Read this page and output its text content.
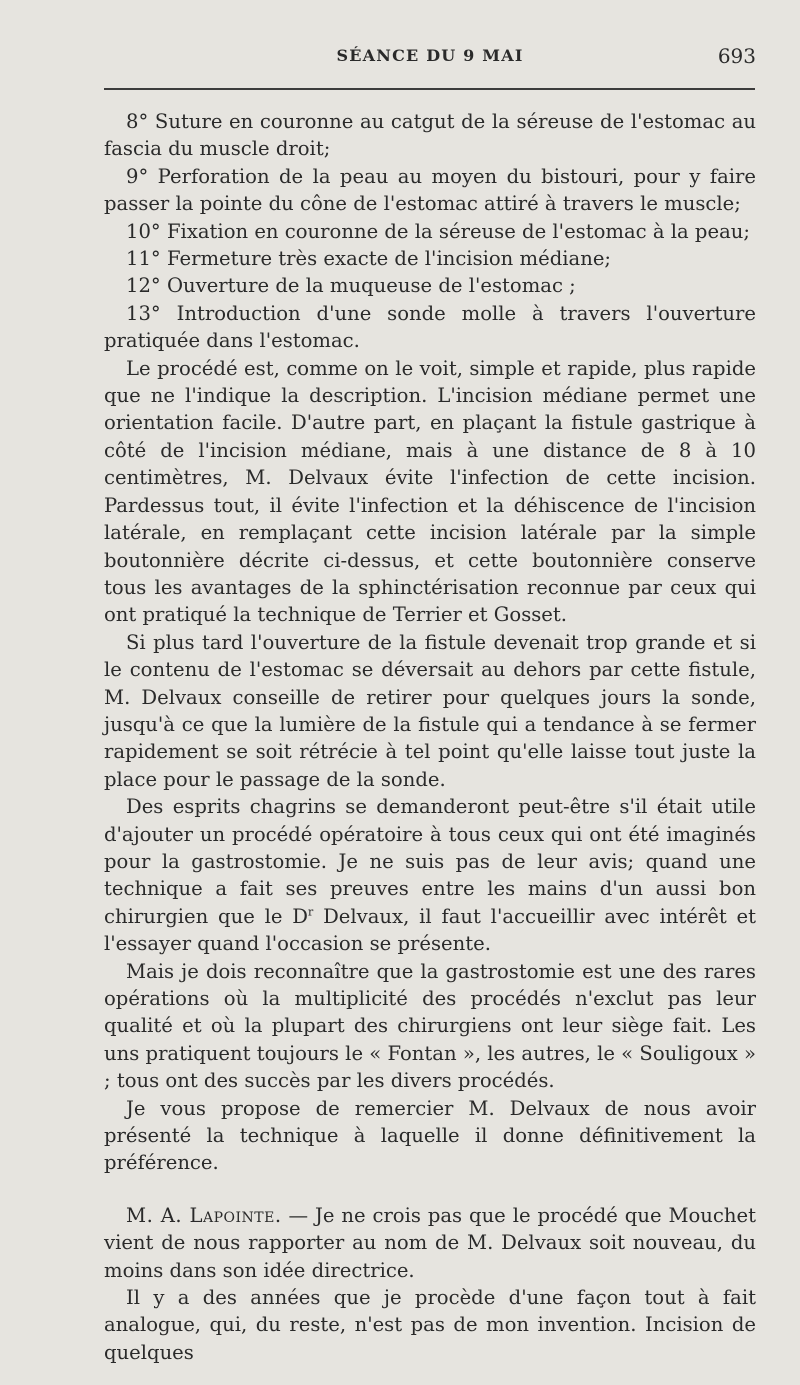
SÉANCE DU 9 MAI	693

8° Suture en couronne au catgut de la séreuse de l'estomac au fascia du muscle droit;

9° Perforation de la peau au moyen du bistouri, pour y faire passer la pointe du cône de l'estomac attiré à travers le muscle;

10° Fixation en couronne de la séreuse de l'estomac à la peau;

11° Fermeture très exacte de l'incision médiane;

12° Ouverture de la muqueuse de l'estomac ;

13° Introduction d'une sonde molle à travers l'ouverture pratiquée dans l'estomac.

Le procédé est, comme on le voit, simple et rapide, plus rapide que ne l'indique la description. L'incision médiane permet une orientation facile. D'autre part, en plaçant la fistule gastrique à côté de l'incision médiane, mais à une distance de 8 à 10 centimètres, M. Delvaux évite l'infection de cette incision. Pardessus tout, il évite l'infection et la déhiscence de l'incision latérale, en remplaçant cette incision latérale par la simple boutonnière décrite ci-dessus, et cette boutonnière conserve tous les avantages de la sphinctérisation reconnue par ceux qui ont pratiqué la technique de Terrier et Gosset.

Si plus tard l'ouverture de la fistule devenait trop grande et si le contenu de l'estomac se déversait au dehors par cette fistule, M. Delvaux conseille de retirer pour quelques jours la sonde, jusqu'à ce que la lumière de la fistule qui a tendance à se fermer rapidement se soit rétrécie à tel point qu'elle laisse tout juste la place pour le passage de la sonde.

Des esprits chagrins se demanderont peut-être s'il était utile d'ajouter un procédé opératoire à tous ceux qui ont été imaginés pour la gastrostomie. Je ne suis pas de leur avis; quand une technique a fait ses preuves entre les mains d'un aussi bon chirurgien que le $D^r$ Delvaux, il faut l'accueillir avec intérêt et l'essayer quand l'occasion se présente.

Mais je dois reconnaître que la gastrostomie est une des rares opérations où la multiplicité des procédés n'exclut pas leur qualité et où la plupart des chirurgiens ont leur siège fait. Les uns pratiquent toujours le « Fontan », les autres, le « Souligoux » ; tous ont des succès par les divers procédés.

Je vous propose de remercier M. Delvaux de nous avoir présenté la technique à laquelle il donne définitivement la préférence.

M. A. Lapointe. — Je ne crois pas que le procédé que Mouchet vient de nous rapporter au nom de M. Delvaux soit nouveau, du moins dans son idée directrice.

Il y a des années que je procède d'une façon tout à fait analogue, qui, du reste, n'est pas de mon invention. Incision de quelques
